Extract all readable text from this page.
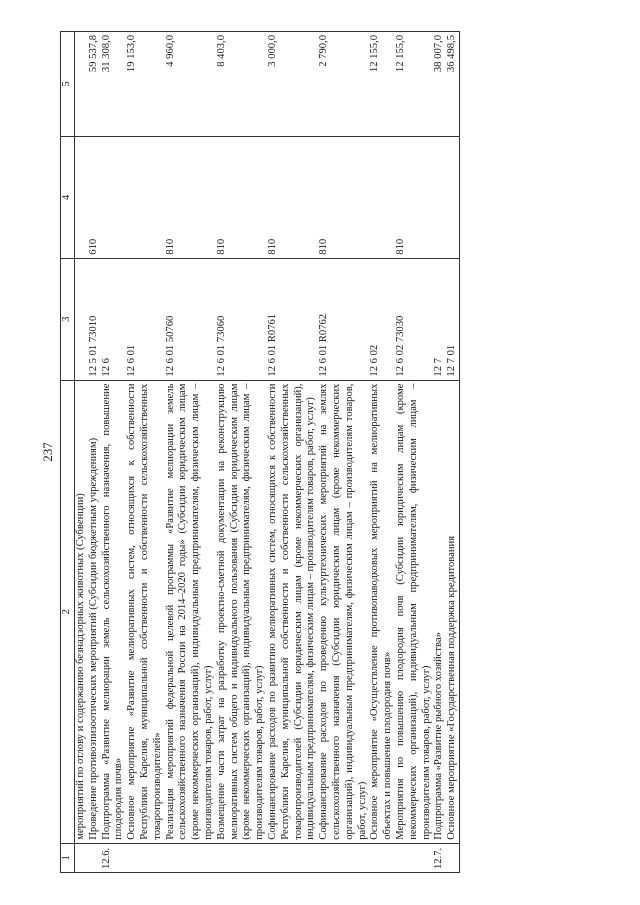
237
1	2	3	4	5
	мероприятий по отлову и содержанию безнадзорных животных (Субвенции)			
	Проведение противоэпизоотических мероприятий (Субсидии бюджетным учреждениям)	12 5 01 73010	610	59 537,8
12.6.	Подпрограмма «Развитие мелиорации земель сельскохозяйственного назначения, повышение плодородия почв»	12 6		31 308,0
	Основное мероприятие «Развитие мелиоративных систем, относящихся к собственности Республики Карелия, муниципальной собственности и собственности сельскохозяйственных товаропроизводителей»	12 6 01		19 153,0
	Реализация мероприятий федеральной целевой программы «Развитие мелиорации земель сельскохозяйственного назначения России на 2014–2020 годы» (Субсидии юридическим лицам (кроме некоммерческих организаций), индивидуальным предпринимателям, физическим лицам – производителям товаров, работ, услуг)	12 6 01 50760	810	4 960,0
	Возмещение части затрат на разработку проектно-сметной документации на реконструкцию мелиоративных систем общего и индивидуального пользования (Субсидии юридическим лицам (кроме некоммерческих организаций), индивидуальным предпринимателям, физическим лицам – производителям товаров, работ, услуг)	12 6 01 73060	810	8 403,0
	Софинансирование расходов по развитию мелиоративных систем, относящихся к собственности Республики Карелия, муниципальной собственности и собственности сельскохозяйственных товаропроизводителей (Субсидии юридическим лицам (кроме некоммерческих организаций), индивидуальным предпринимателям, физическим лицам – производителям товаров, работ, услуг)	12 6 01 R0761	810	3 000,0
	Софинансирование расходов по проведению культуртехнических мероприятий на землях сельскохозяйственного назначения (Субсидии юридическим лицам (кроме некоммерческих организаций), индивидуальным предпринимателям, физическим лицам – производителям товаров, работ, услуг)	12 6 01 R0762	810	2 790,0
	Основное мероприятие «Осуществление противопаводковых мероприятий на мелиоративных объектах и повышение плодородия почв»	12 6 02		12 155,0
	Мероприятия по повышению плодородия почв (Субсидии юридическим лицам (кроме некоммерческих организаций), индивидуальным предпринимателям, физическим лицам – производителям товаров, работ, услуг)	12 6 02 73030	810	12 155,0
12.7.	Подпрограмма «Развитие рыбного хозяйства»	12 7		38 007,0
	Основное мероприятие «Государственная поддержка кредитования	12 7 01		36 498,5
